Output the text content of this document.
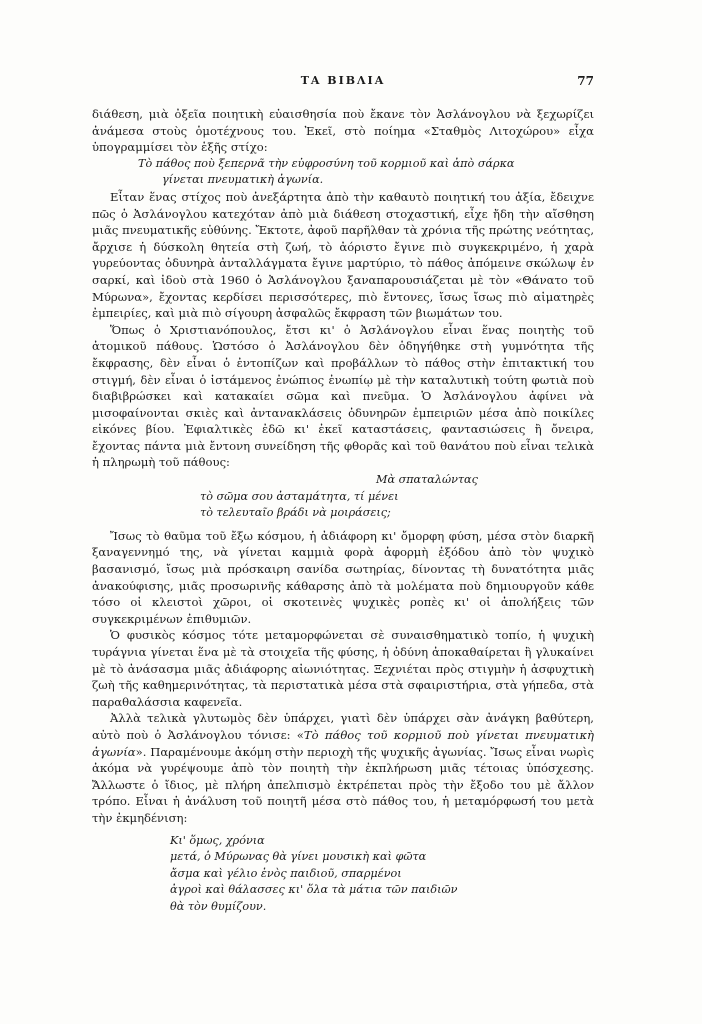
ΤΑ ΒΙΒΛΙΑ	77

διάθεση, μιὰ ὀξεῖα ποιητικὴ εὐαισθησία ποὺ ἔκανε τὸν Ἀσλάνογλου νὰ ξεχωρίζει ἀνάμεσα στοὺς ὁμοτέχνους του. Ἐκεῖ, στὸ ποίημα «Σταθμὸς Λιτοχώρου» εἶχα ὑπογραμμίσει τὸν ἑξῆς στίχο:

Τὸ πάθος ποὺ ξεπερνᾶ τὴν εὐφροσύνη τοῦ κορμιοῦ καὶ ἀπὸ σάρκα
γίνεται πνευματικὴ ἀγωνία.

Εἶταν ἕνας στίχος ποὺ ἀνεξάρτητα ἀπὸ τὴν καθαυτὸ ποιητική του ἀξία, ἔδειχνε πῶς ὁ Ἀσλάνογλου κατεχόταν ἀπὸ μιὰ διάθεση στοχαστική, εἶχε ἤδη τὴν αἴσθηση μιᾶς πνευματικῆς εὐθύνης. Ἔκτοτε, ἀφοῦ παρῆλθαν τὰ χρόνια τῆς πρώτης νεότητας, ἄρχισε ἡ δύσκολη θητεία στὴ ζωή, τὸ ἀόριστο ἔγινε πιὸ συγκεκριμένο, ἡ χαρὰ γυρεύοντας ὀδυνηρὰ ἀνταλλάγματα ἔγινε μαρτύριο, τὸ πάθος ἀπόμεινε σκώλωψ ἐν σαρκί, καὶ ἰδοὺ στὰ 1960 ὁ Ἀσλάνογλου ξαναπαρουσιάζεται μὲ τὸν «Θάνατο τοῦ Μύρωνα», ἔχοντας κερδίσει περισσότερες, πιὸ ἔντονες, ἴσως ἴσως πιὸ αἱματηρὲς ἐμπειρίες, καὶ μιὰ πιὸ σίγουρη ἀσφαλῶς ἔκφραση τῶν βιωμάτων του.

Ὅπως ὁ Χριστιανόπουλος, ἔτσι κι' ὁ Ἀσλάνογλου εἶναι ἕνας ποιητὴς τοῦ ἀτομικοῦ πάθους. Ὡστόσο ὁ Ἀσλάνογλου δὲν ὁδηγήθηκε στὴ γυμνότητα τῆς ἔκφρασης, δὲν εἶναι ὁ ἐντοπίζων καὶ προβάλλων τὸ πάθος στὴν ἐπιτακτική του στιγμή, δὲν εἶναι ὁ ἱστάμενος ἐνώπιος ἐνωπίῳ μὲ τὴν καταλυτικὴ τούτη φωτιὰ ποὺ διαβιβρώσκει καὶ κατακαίει σῶμα καὶ πνεῦμα. Ὁ Ἀσλάνογλου ἀφίνει νὰ μισοφαίνονται σκιὲς καὶ ἀντανακλάσεις ὀδυνηρῶν ἐμπειριῶν μέσα ἀπὸ ποικίλες εἰκόνες βίου. Ἐφιαλτικὲς ἐδῶ κι' ἐκεῖ καταστάσεις, φαντασιώσεις ἢ ὄνειρα, ἔχοντας πάντα μιὰ ἔντονη συνείδηση τῆς φθορᾶς καὶ τοῦ θανάτου ποὺ εἶναι τελικὰ ἡ πληρωμὴ τοῦ πάθους:

Μὰ σπαταλώντας
τὸ σῶμα σου ἀσταμάτητα, τί μένει
τὸ τελευταῖο βράδι νὰ μοιράσεις;

Ἴσως τὸ θαῦμα τοῦ ἔξω κόσμου, ἡ ἀδιάφορη κι' ὄμορφη φύση, μέσα στὸν διαρκῆ ξαναγεννημό της, νὰ γίνεται καμμιὰ φορὰ ἀφορμὴ ἐξόδου ἀπὸ τὸν ψυχικὸ βασανισμό, ἴσως μιὰ πρόσκαιρη σανίδα σωτηρίας, δίνοντας τὴ δυνατότητα μιᾶς ἀνακούφισης, μιᾶς προσωρινῆς κάθαρσης ἀπὸ τὰ μολέματα ποὺ δημιουργοῦν κάθε τόσο οἱ κλειστοὶ χῶροι, οἱ σκοτεινὲς ψυχικὲς ροπὲς κι' οἱ ἀπολήξεις τῶν συγκεκριμένων ἐπιθυμιῶν.

Ὁ φυσικὸς κόσμος τότε μεταμορφώνεται σὲ συναισθηματικὸ τοπίο, ἡ ψυχικὴ τυράγνια γίνεται ἕνα μὲ τὰ στοιχεῖα τῆς φύσης, ἡ ὀδύνη ἀποκαθαίρεται ἢ γλυκαίνει μὲ τὸ ἀνάσασμα μιᾶς ἀδιάφορης αἰωνιότητας. Ξεχνιέται πρὸς στιγμὴν ἡ ἀσφυχτικὴ ζωὴ τῆς καθημερινότητας, τὰ περιστατικὰ μέσα στὰ σφαιριστήρια, στὰ γήπεδα, στὰ παραθαλάσσια καφενεῖα.

Ἀλλὰ τελικὰ γλυτωμὸς δὲν ὑπάρχει, γιατὶ δὲν ὑπάρχει σὰν ἀνάγκη βαθύτερη, αὐτὸ ποὺ ὁ Ἀσλάνογλου τόνισε: «Τὸ πάθος τοῦ κορμιοῦ ποὺ γίνεται πνευματικὴ ἀγωνία». Παραμένουμε ἀκόμη στὴν περιοχὴ τῆς ψυχικῆς ἀγωνίας. Ἴσως εἶναι νωρὶς ἀκόμα νὰ γυρέψουμε ἀπὸ τὸν ποιητὴ τὴν ἐκπλήρωση μιᾶς τέτοιας ὑπόσχεσης. Ἄλλωστε ὁ ἴδιος, μὲ πλήρη ἀπελπισμὸ ἐκτρέπεται πρὸς τὴν ἔξοδο του μὲ ἄλλον τρόπο. Εἶναι ἡ ἀνάλυση τοῦ ποιητῆ μέσα στὸ πάθος του, ἡ μεταμόρφωσή του μετὰ τὴν ἐκμηδένιση:

Κι' ὅμως, χρόνια
μετά, ὁ Μύρωνας θὰ γίνει μουσικὴ καὶ φῶτα
ἄσμα καὶ γέλιο ἑνὸς παιδιοῦ, σπαρμένοι
ἀγροὶ καὶ θάλασσες κι' ὅλα τὰ μάτια τῶν παιδιῶν
θὰ τὸν θυμίζουν.
